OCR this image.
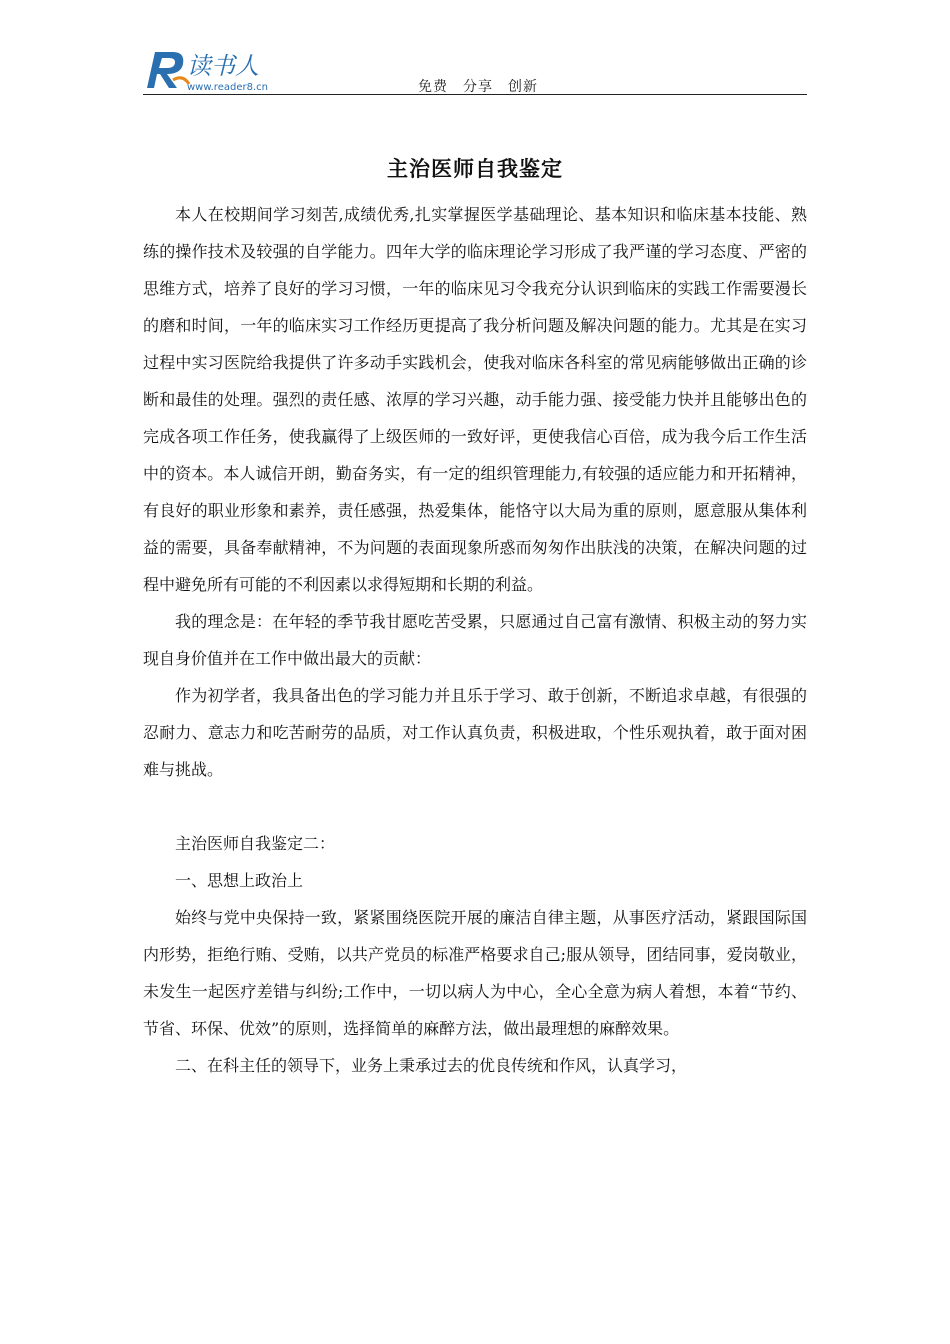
读书人
www.reader8.cn	免费　分享　创新
主治医师自我鉴定

本人在校期间学习刻苦,成绩优秀,扎实掌握医学基础理论、基本知识和临床基本技能、熟练的操作技术及较强的自学能力。四年大学的临床理论学习形成了我严谨的学习态度、严密的思维方式，培养了良好的学习习惯，一年的临床见习令我充分认识到临床的实践工作需要漫长的磨和时间，一年的临床实习工作经历更提高了我分析问题及解决问题的能力。尤其是在实习过程中实习医院给我提供了许多动手实践机会，使我对临床各科室的常见病能够做出正确的诊断和最佳的处理。强烈的责任感、浓厚的学习兴趣，动手能力强、接受能力快并且能够出色的完成各项工作任务，使我赢得了上级医师的一致好评，更使我信心百倍，成为我今后工作生活中的资本。本人诚信开朗，勤奋务实，有一定的组织管理能力,有较强的适应能力和开拓精神，有良好的职业形象和素养，责任感强，热爱集体，能恪守以大局为重的原则，愿意服从集体利益的需要，具备奉献精神，不为问题的表面现象所惑而匆匆作出肤浅的决策，在解决问题的过程中避免所有可能的不利因素以求得短期和长期的利益。

我的理念是：在年轻的季节我甘愿吃苦受累，只愿通过自己富有激情、积极主动的努力实现自身价值并在工作中做出最大的贡献：

作为初学者，我具备出色的学习能力并且乐于学习、敢于创新，不断追求卓越，有很强的忍耐力、意志力和吃苦耐劳的品质，对工作认真负责，积极进取，个性乐观执着，敢于面对困难与挑战。

主治医师自我鉴定二：

一、思想上政治上

始终与党中央保持一致，紧紧围绕医院开展的廉洁自律主题，从事医疗活动，紧跟国际国内形势，拒绝行贿、受贿，以共产党员的标准严格要求自己;服从领导，团结同事，爱岗敬业，未发生一起医疗差错与纠纷;工作中，一切以病人为中心，全心全意为病人着想，本着“节约、节省、环保、优效”的原则，选择简单的麻醉方法，做出最理想的麻醉效果。

二、在科主任的领导下，业务上秉承过去的优良传统和作风，认真学习，
